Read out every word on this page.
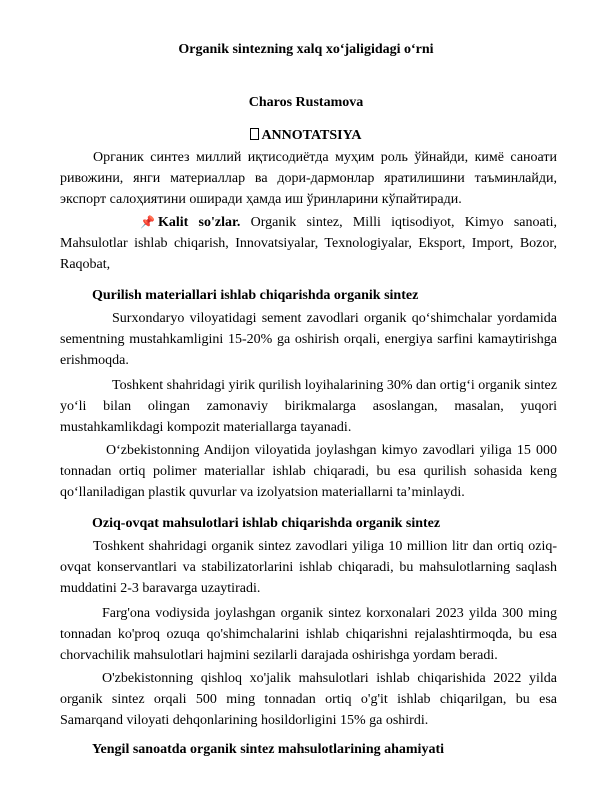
Organik sintezning xalq xoʻjaligidagi oʻrni
Charos Rustamova
ANNOTATSIYA

Органик синтез миллий иқтисодиётда муҳим роль ўйнайди, кимё саноати ривожини, янги материаллар ва дори-дармонлар яратилишини таъминлайди, экспорт салоҳиятини оширади ҳамда иш ўринларини кўпайтиради.

📌 Kalit so'zlar. Organik sintez, Milli iqtisodiyot, Kimyo sanoati, Mahsulotlar ishlab chiqarish, Innovatsiyalar, Texnologiyalar, Eksport, Import, Bozor, Raqobat,

Qurilish materiallari ishlab chiqarishda organik sintez

Surxondaryo viloyatidagi sement zavodlari organik qoʻshimchalar yordamida sementning mustahkamligini 15-20% ga oshirish orqali, energiya sarfini kamaytirishga erishmoqda.

Toshkent shahridagi yirik qurilish loyihalarining 30% dan ortigʻi organik sintez yoʻli bilan olingan zamonaviy birikmalarga asoslangan, masalan, yuqori mustahkamlikdagi kompozit materiallarga tayanadi.

Oʻzbekistonning Andijon viloyatida joylashgan kimyo zavodlari yiliga 15 000 tonnadan ortiq polimer materiallar ishlab chiqaradi, bu esa qurilish sohasida keng qoʻllaniladigan plastik quvurlar va izolyatsion materiallarni taʼminlaydi.

Oziq-ovqat mahsulotlari ishlab chiqarishda organik sintez

Toshkent shahridagi organik sintez zavodlari yiliga 10 million litr dan ortiq oziq-ovqat konservantlari va stabilizatorlarini ishlab chiqaradi, bu mahsulotlarning saqlash muddatini 2-3 baravarga uzaytiradi.

Farg'ona vodiysida joylashgan organik sintez korxonalari 2023 yilda 300 ming tonnadan ko'proq ozuqa qo'shimchalarini ishlab chiqarishni rejalashtirmoqda, bu esa chorvachilik mahsulotlari hajmini sezilarli darajada oshirishga yordam beradi.

O'zbekistonning qishloq xo'jalik mahsulotlari ishlab chiqarishida 2022 yilda organik sintez orqali 500 ming tonnadan ortiq o'g'it ishlab chiqarilgan, bu esa Samarqand viloyati dehqonlarining hosildorligini 15% ga oshirdi.

Yengil sanoatda organik sintez mahsulotlarining ahamiyati
